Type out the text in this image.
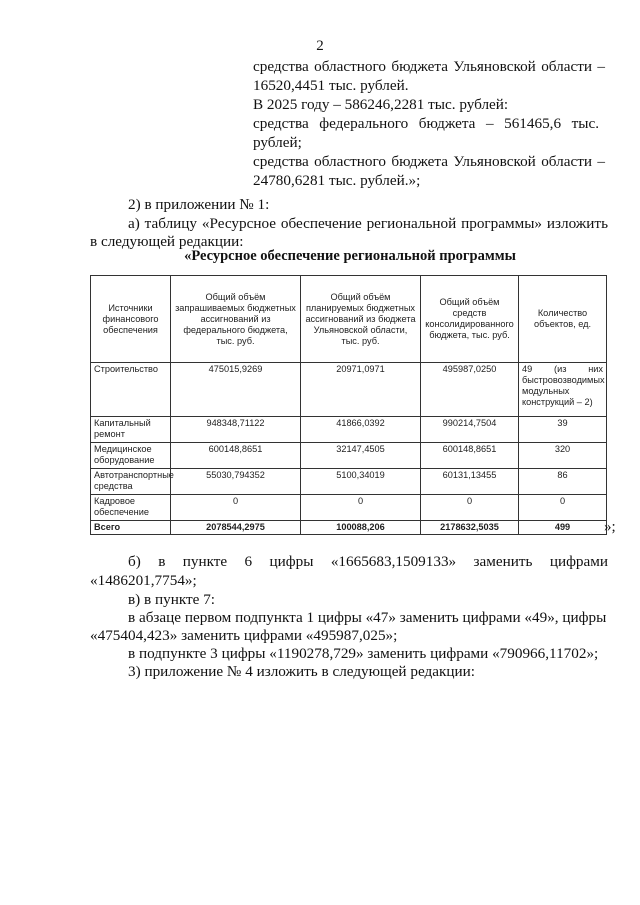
2
средства областного бюджета Ульяновской области –
16520,4451 тыс. рублей.
В 2025 году – 586246,2281 тыс. рублей:
средства федерального бюджета – 561465,6 тыс.
рублей;
средства областного бюджета Ульяновской области –
24780,6281 тыс. рублей.»;
2) в приложении № 1:
а) таблицу «Ресурсное обеспечение региональной программы» изложить
в следующей редакции:
«Ресурсное обеспечение региональной программы
Источники финансового обеспечения	Общий объём запрашиваемых бюджетных ассигнований из федерального бюджета, тыс. руб.	Общий объём планируемых бюджетных ассигнований из бюджета Ульяновской области, тыс. руб.	Общий объём средств консолидированного бюджета, тыс. руб.	Количество объектов, ед.
Строительство	475015,9269	20971,0971	495987,0250	49 (из них быстровозводимых модульных конструкций – 2)

Капитальный ремонт	948348,71122	41866,0392	990214,7504	39
Медицинское оборудование	600148,8651	32147,4505	600148,8651	320
Автотранспортные средства	55030,794352	5100,34019	60131,13455	86
Кадровое обеспечение	0	0	0	0
Всего	2078544,2975	100088,206	2178632,5035	499 »;
б) в пункте 6 цифры «1665683,1509133» заменить цифрами
«1486201,7754»;
в) в пункте 7:
в абзаце первом подпункта 1 цифры «47» заменить цифрами «49», цифры
«475404,423» заменить цифрами «495987,025»;
в подпункте 3 цифры «1190278,729» заменить цифрами «790966,11702»;
3) приложение № 4 изложить в следующей редакции:
